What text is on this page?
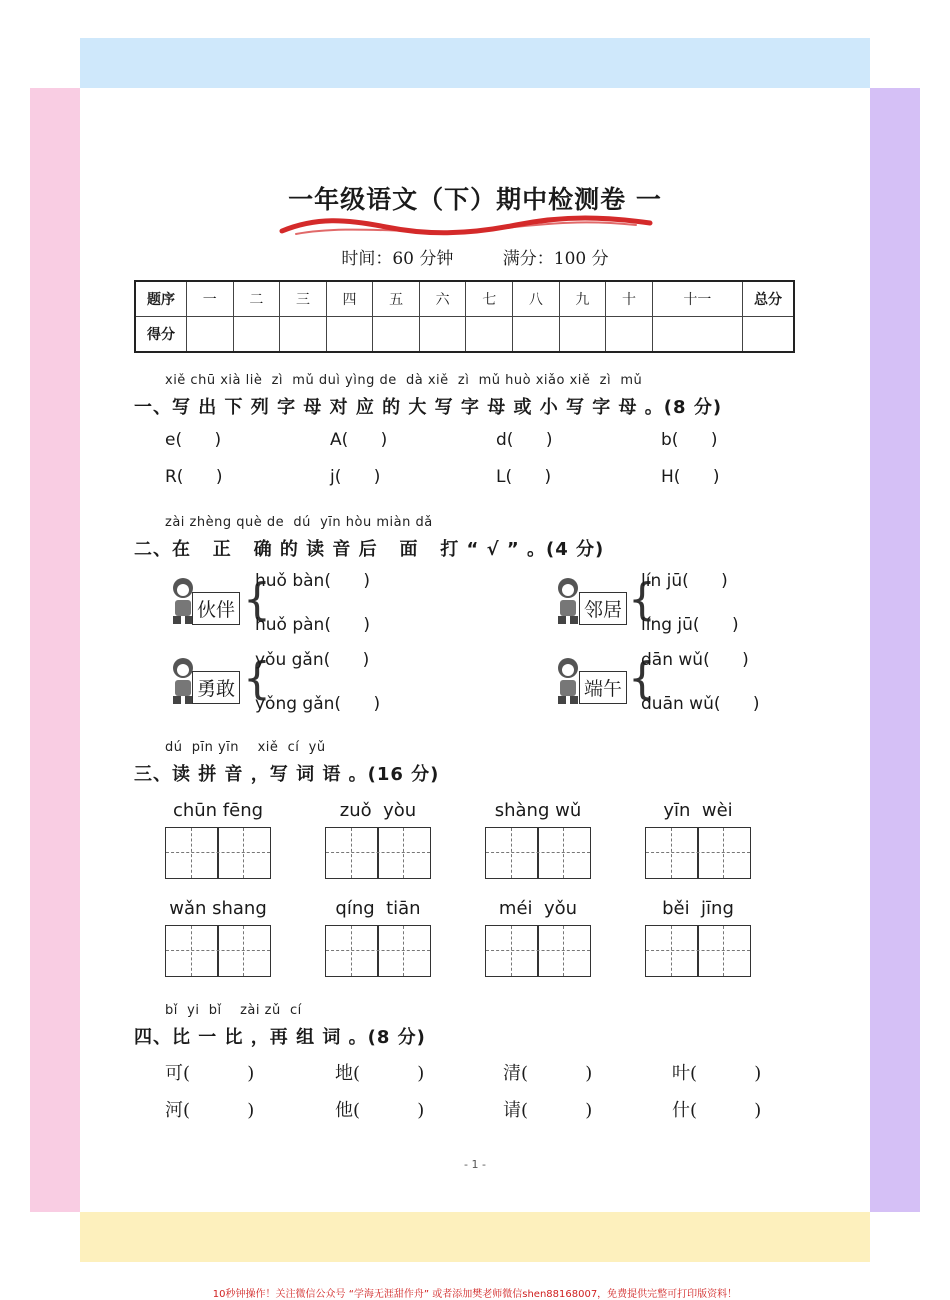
一年级语文（下）期中检测卷 一
时间：60 分钟	满分：100 分
题序	一	二	三	四	五	六	七	八	九	十	十一	总分
得分												
xiě chū xià liè  zì  mǔ duì yìng de  dà xiě  zì  mǔ huò xiǎo xiě  zì  mǔ
一、写 出 下 列 字 母 对 应 的 大 写 字 母 或 小 写 字 母 。(8 分)
e(      )	A(      )	d(      )	b(      )
R(      )	j(      )	L(      )	H(      )
zài zhèng què de  dú  yīn hòu miàn dǎ
二、在   正   确 的 读 音 后   面   打 “ √ ” 。(4 分)
伙伴 {
huǒ bàn(      )
huǒ pàn(      )
邻居 {
lín jū(      )
líng jū(      )
勇敢 {
yǒu gǎn(      )
yǒng gǎn(      )
端午 {
dān wǔ(      )
duān wǔ(      )
dú  pīn yīn    xiě  cí  yǔ
三、读 拼 音 ，写 词 语 。(16 分)
chūn fēng	zuǒ  yòu	shàng wǔ	yīn  wèi
wǎn shang	qíng  tiān	méi  yǒu	běi  jīng
bǐ  yi  bǐ    zài zǔ  cí
四、比 一 比 ，再 组 词 。(8 分)
可(          )	地(          )	清(          )	叶(          )
河(          )	他(          )	请(          )	什(          )
- 1 -
10秒钟操作！关注微信公众号 “学海无涯甜作舟” 或者添加樊老师微信shen88168007，免费提供完整可打印版资料！
